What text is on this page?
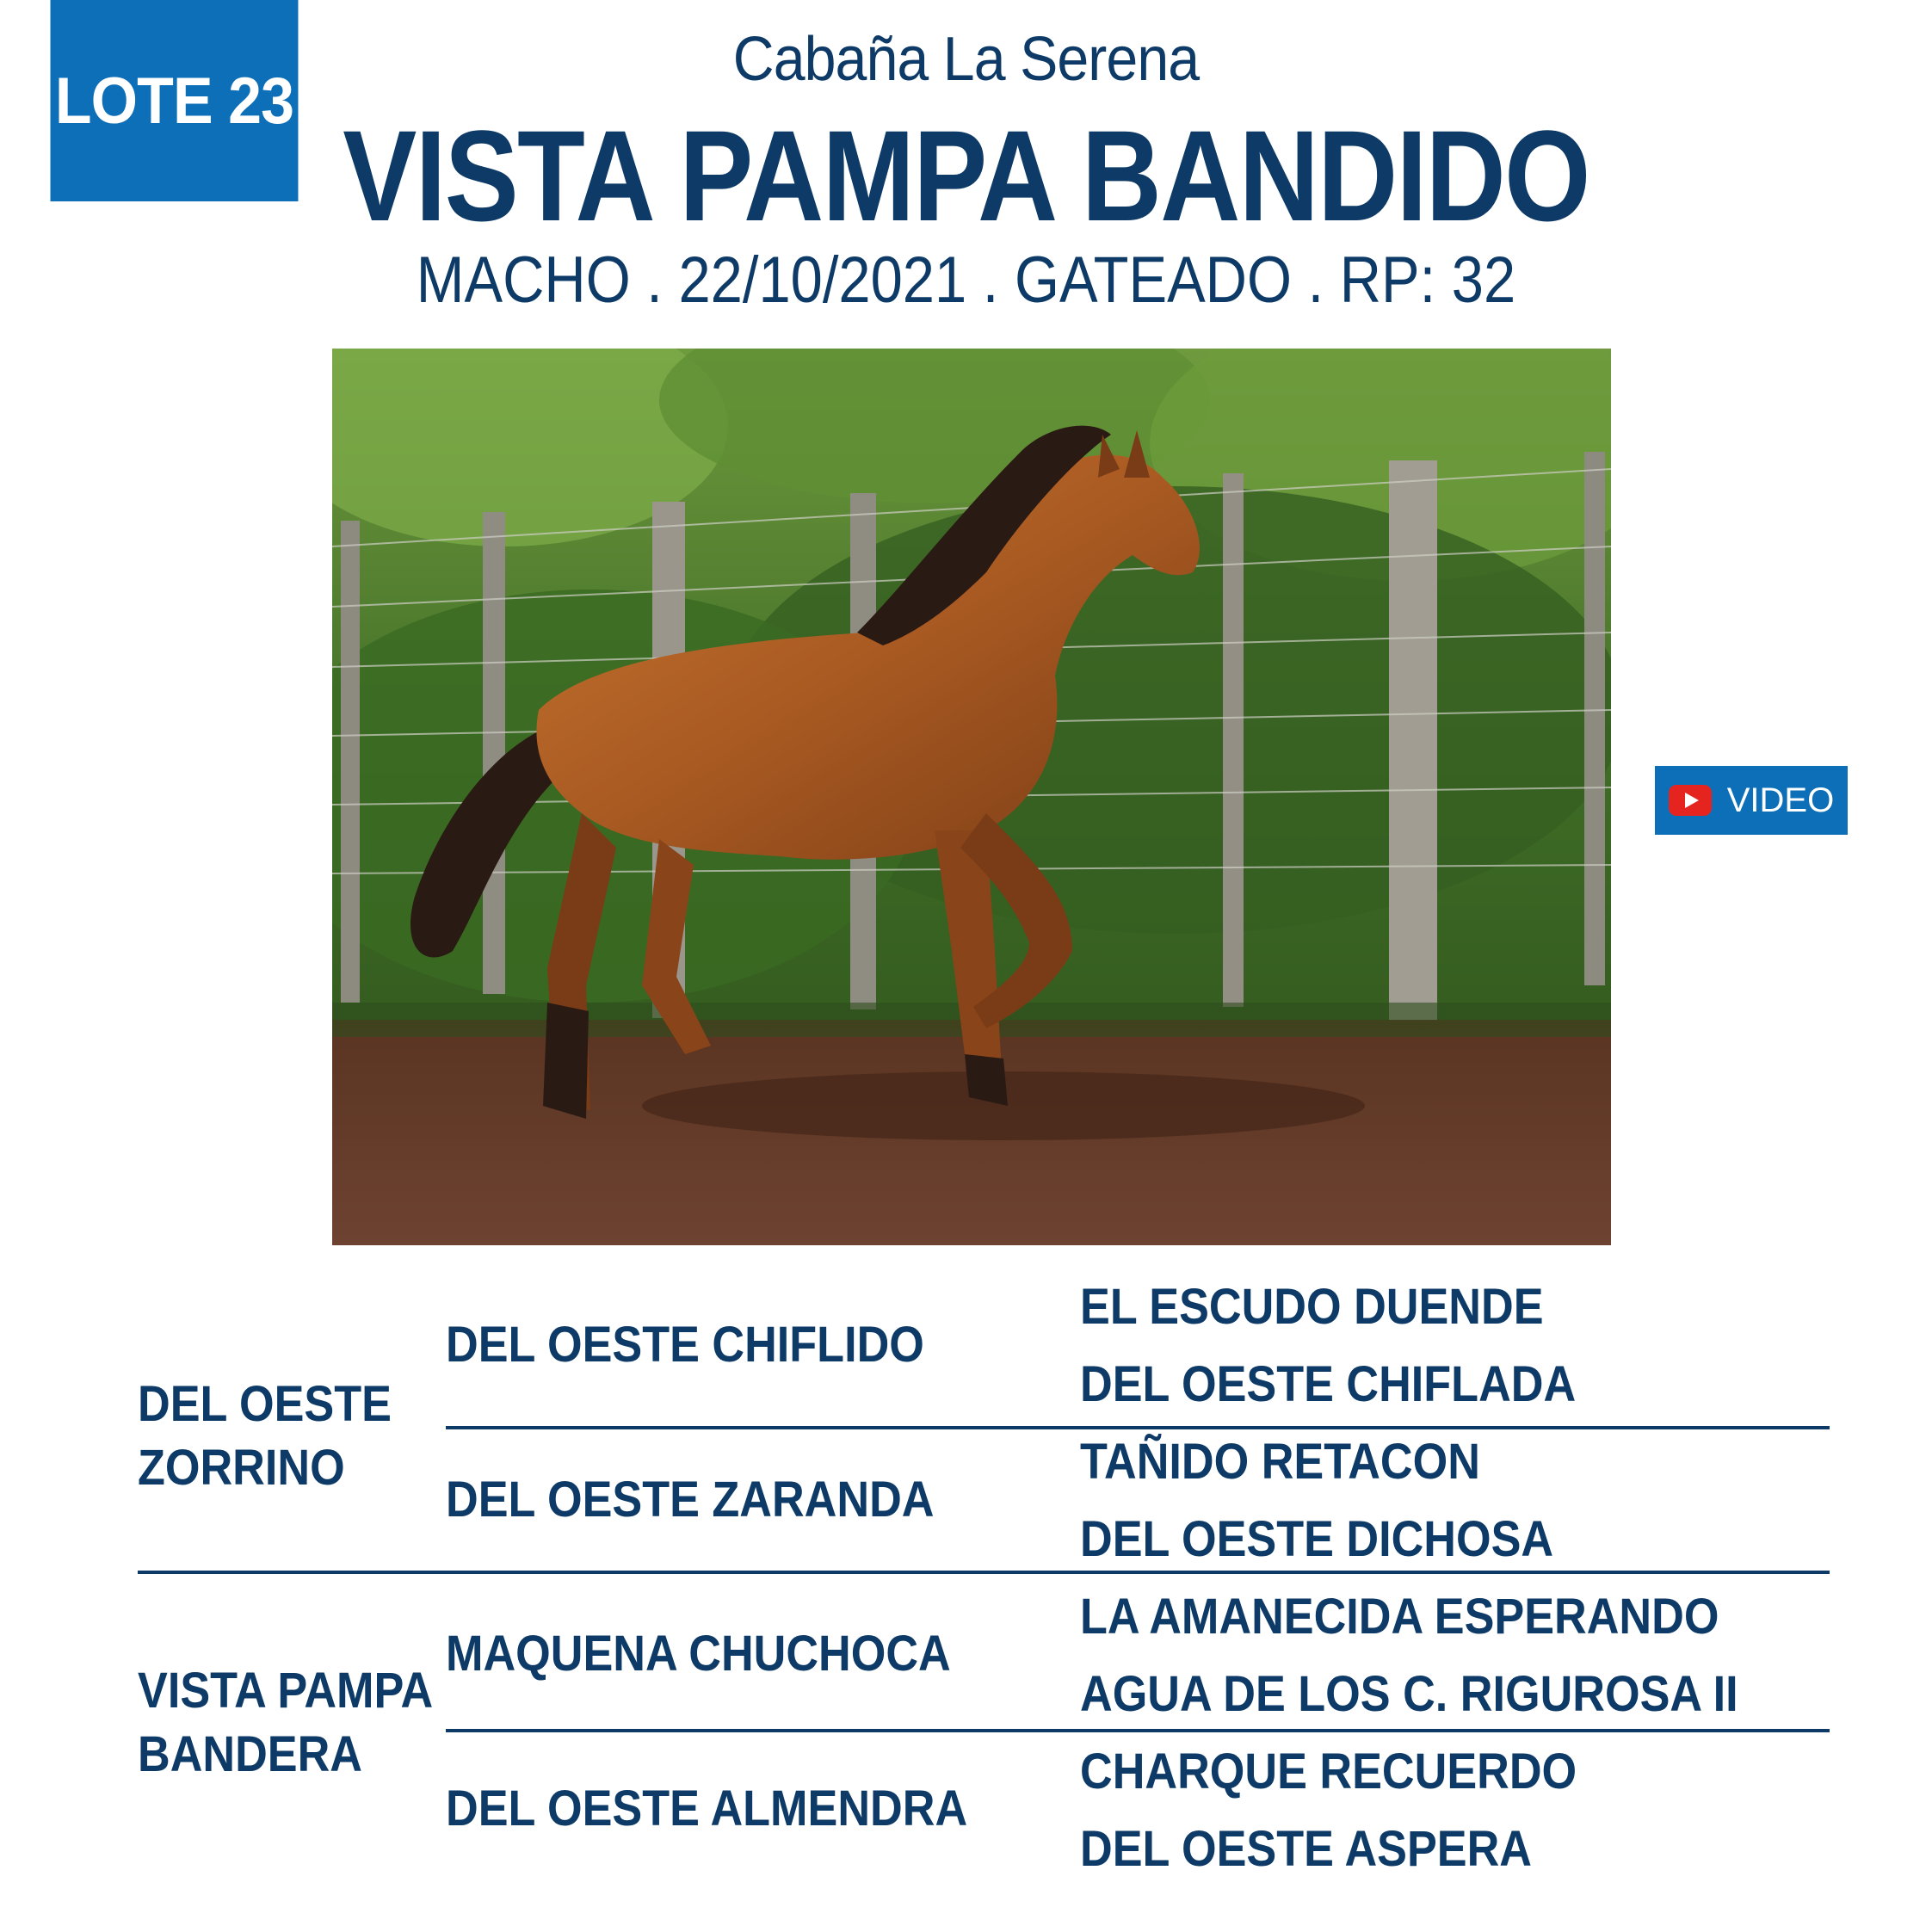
LOTE 23
Cabaña La Serena
VISTA PAMPA BANDIDO
MACHO . 22/10/2021 . GATEADO . RP: 32
VIDEO
DEL OESTE
ZORRINO
VISTA PAMPA
BANDERA
DEL OESTE CHIFLIDO
DEL OESTE ZARANDA
MAQUENA CHUCHOCA
DEL OESTE ALMENDRA
EL ESCUDO DUENDE
DEL OESTE CHIFLADA
TAÑIDO RETACON
DEL OESTE DICHOSA
LA AMANECIDA ESPERANDO
AGUA DE LOS C. RIGUROSA II
CHARQUE RECUERDO
DEL OESTE ASPERA
